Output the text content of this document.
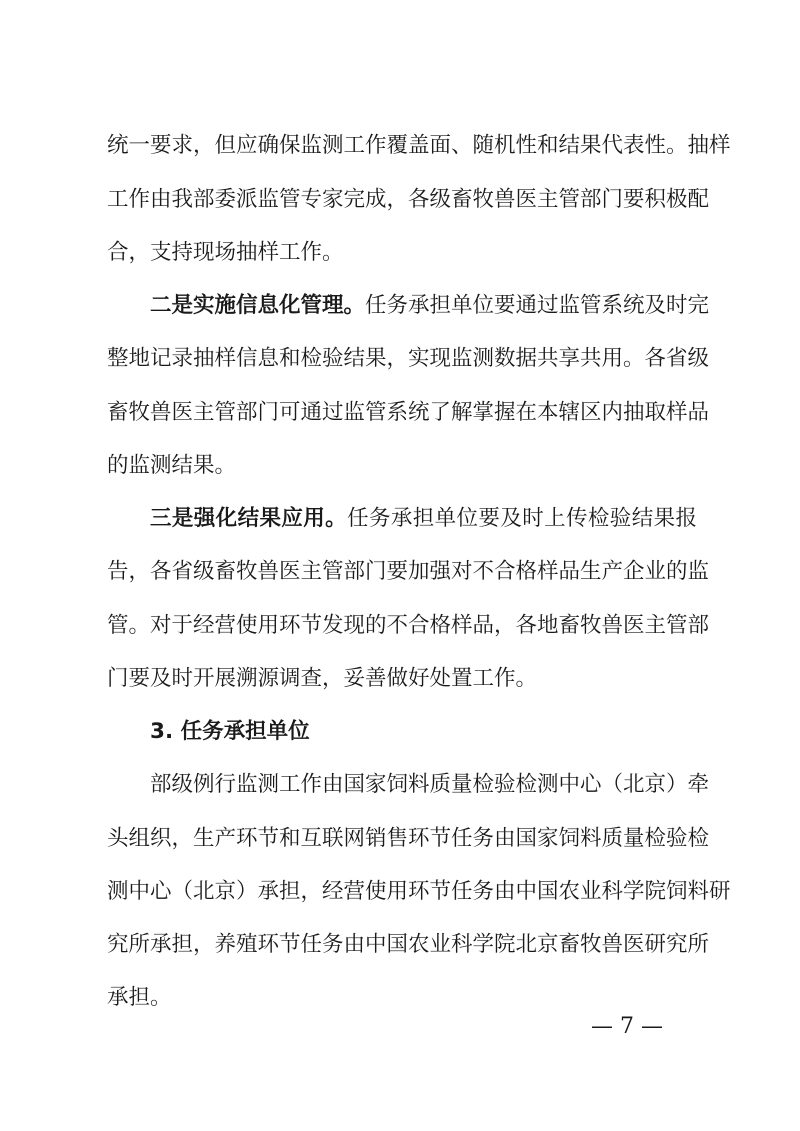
统一要求，但应确保监测工作覆盖面、随机性和结果代表性。抽样
工作由我部委派监管专家完成，各级畜牧兽医主管部门要积极配
合，支持现场抽样工作。
二是实施信息化管理。任务承担单位要通过监管系统及时完
整地记录抽样信息和检验结果，实现监测数据共享共用。各省级
畜牧兽医主管部门可通过监管系统了解掌握在本辖区内抽取样品
的监测结果。
三是强化结果应用。任务承担单位要及时上传检验结果报
告，各省级畜牧兽医主管部门要加强对不合格样品生产企业的监
管。对于经营使用环节发现的不合格样品，各地畜牧兽医主管部
门要及时开展溯源调查，妥善做好处置工作。
3. 任务承担单位
部级例行监测工作由国家饲料质量检验检测中心（北京）牵
头组织，生产环节和互联网销售环节任务由国家饲料质量检验检
测中心（北京）承担，经营使用环节任务由中国农业科学院饲料研
究所承担，养殖环节任务由中国农业科学院北京畜牧兽医研究所
承担。
— 7 —
